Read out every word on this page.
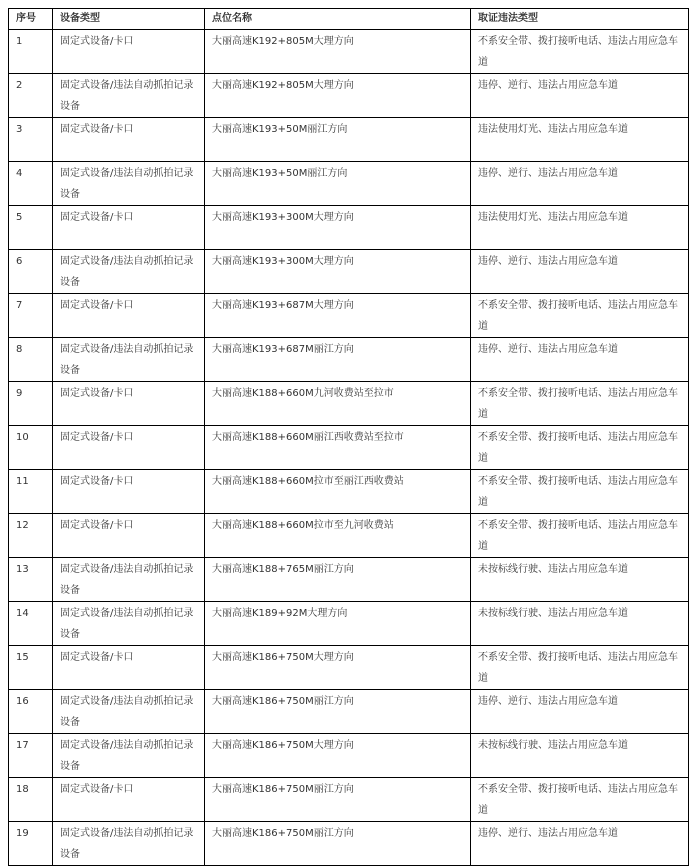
序号	设备类型	点位名称	取证违法类型
1	固定式设备/卡口	大丽高速K192+805M大理方向	不系安全带、拨打接听电话、违法占用应急车道
2	固定式设备/违法自动抓拍记录设备	大丽高速K192+805M大理方向	违停、逆行、违法占用应急车道
3	固定式设备/卡口	大丽高速K193+50M丽江方向	违法使用灯光、违法占用应急车道
4	固定式设备/违法自动抓拍记录设备	大丽高速K193+50M丽江方向	违停、逆行、违法占用应急车道
5	固定式设备/卡口	大丽高速K193+300M大理方向	违法使用灯光、违法占用应急车道
6	固定式设备/违法自动抓拍记录设备	大丽高速K193+300M大理方向	违停、逆行、违法占用应急车道
7	固定式设备/卡口	大丽高速K193+687M大理方向	不系安全带、拨打接听电话、违法占用应急车道
8	固定式设备/违法自动抓拍记录设备	大丽高速K193+687M丽江方向	违停、逆行、违法占用应急车道
9	固定式设备/卡口	大丽高速K188+660M九河收费站至拉市	不系安全带、拨打接听电话、违法占用应急车道
10	固定式设备/卡口	大丽高速K188+660M丽江西收费站至拉市	不系安全带、拨打接听电话、违法占用应急车道
11	固定式设备/卡口	大丽高速K188+660M拉市至丽江西收费站	不系安全带、拨打接听电话、违法占用应急车道
12	固定式设备/卡口	大丽高速K188+660M拉市至九河收费站	不系安全带、拨打接听电话、违法占用应急车道
13	固定式设备/违法自动抓拍记录设备	大丽高速K188+765M丽江方向	未按标线行驶、违法占用应急车道
14	固定式设备/违法自动抓拍记录设备	大丽高速K189+92M大理方向	未按标线行驶、违法占用应急车道
15	固定式设备/卡口	大丽高速K186+750M大理方向	不系安全带、拨打接听电话、违法占用应急车道
16	固定式设备/违法自动抓拍记录设备	大丽高速K186+750M丽江方向	违停、逆行、违法占用应急车道
17	固定式设备/违法自动抓拍记录设备	大丽高速K186+750M大理方向	未按标线行驶、违法占用应急车道
18	固定式设备/卡口	大丽高速K186+750M丽江方向	不系安全带、拨打接听电话、违法占用应急车道
19	固定式设备/违法自动抓拍记录设备	大丽高速K186+750M丽江方向	违停、逆行、违法占用应急车道
